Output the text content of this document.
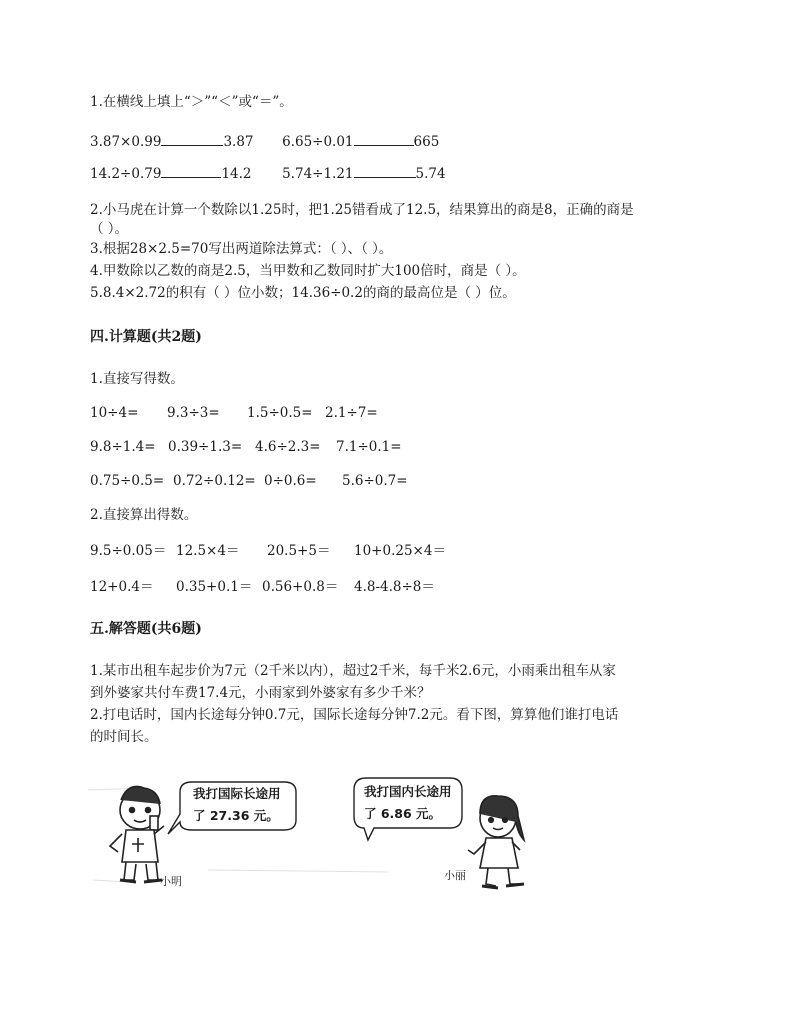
1.在横线上填上“＞”“＜”或“＝”。
3.87×0.99	3.87 6.65÷0.01	665
14.2÷0.79	14.2 5.74÷1.21	5.74
2.小马虎在计算一个数除以1.25时，把1.25错看成了12.5，结果算出的商是8，正确的商是
（ ）。
3.根据28×2.5=70写出两道除法算式：（ ）、（ ）。
4.甲数除以乙数的商是2.5，当甲数和乙数同时扩大100倍时，商是（ ）。
5.8.4×2.72的积有（ ）位小数；14.36÷0.2的商的最高位是（ ）位。
四.计算题(共2题)
1.直接写得数。
10÷4= 9.3÷3= 1.5÷0.5= 2.1÷7=
9.8÷1.4= 0.39÷1.3= 4.6÷2.3= 7.1÷0.1=
0.75÷0.5= 0.72÷0.12= 0÷0.6= 5.6÷0.7=
2.直接算出得数。
9.5÷0.05＝ 12.5×4＝ 20.5+5＝ 10+0.25×4＝
12+0.4＝ 0.35+0.1＝ 0.56+0.8＝ 4.8-4.8÷8＝
五.解答题(共6题)
1.某市出租车起步价为7元（2千米以内），超过2千米，每千米2.6元，小雨乘出租车从家
到外婆家共付车费17.4元，小雨家到外婆家有多少千米？
2.打电话时，国内长途每分钟0.7元，国际长途每分钟7.2元。看下图，算算他们谁打电话
的时间长。
我打国际长途用
了 27.36 元。
我打国内长途用
了 6.86 元。
小明	小丽
